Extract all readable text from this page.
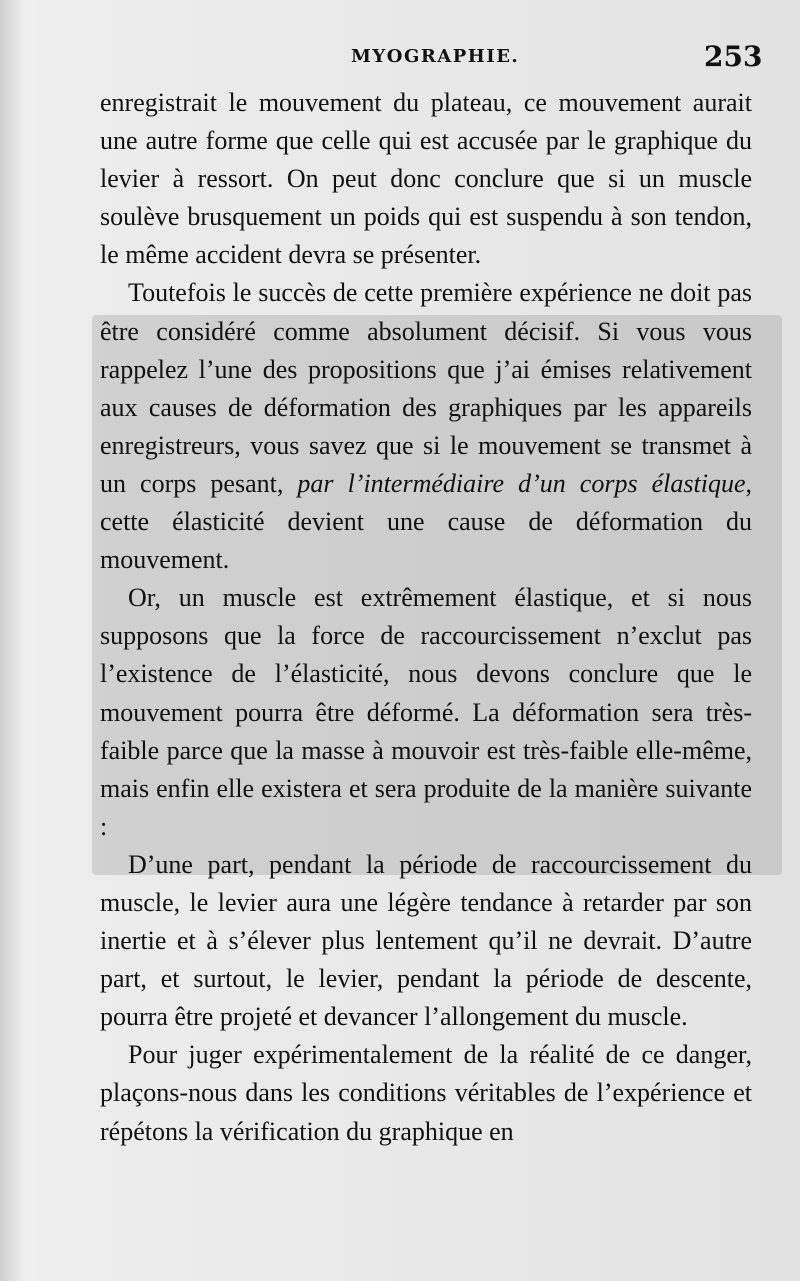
MYOGRAPHIE.	253

enregistrait le mouvement du plateau, ce mouvement aurait une autre forme que celle qui est accusée par le graphique du levier à ressort. On peut donc conclure que si un muscle soulève brusquement un poids qui est suspendu à son tendon, le même accident devra se présenter.

Toutefois le succès de cette première expérience ne doit pas être considéré comme absolument décisif. Si vous vous rappelez l’une des propositions que j’ai émises relativement aux causes de déformation des graphiques par les appareils enregistreurs, vous savez que si le mouvement se transmet à un corps pesant, par l’intermédiaire d’un corps élastique, cette élasticité devient une cause de déformation du mouvement.

Or, un muscle est extrêmement élastique, et si nous supposons que la force de raccourcissement n’exclut pas l’existence de l’élasticité, nous devons conclure que le mouvement pourra être déformé. La déformation sera très-faible parce que la masse à mouvoir est très-faible elle-même, mais enfin elle existera et sera produite de la manière suivante :

D’une part, pendant la période de raccourcissement du muscle, le levier aura une légère tendance à retarder par son inertie et à s’élever plus lentement qu’il ne devrait. D’autre part, et surtout, le levier, pendant la période de descente, pourra être projeté et devancer l’allongement du muscle.

Pour juger expérimentalement de la réalité de ce danger, plaçons-nous dans les conditions véritables de l’expérience et répétons la vérification du graphique en
